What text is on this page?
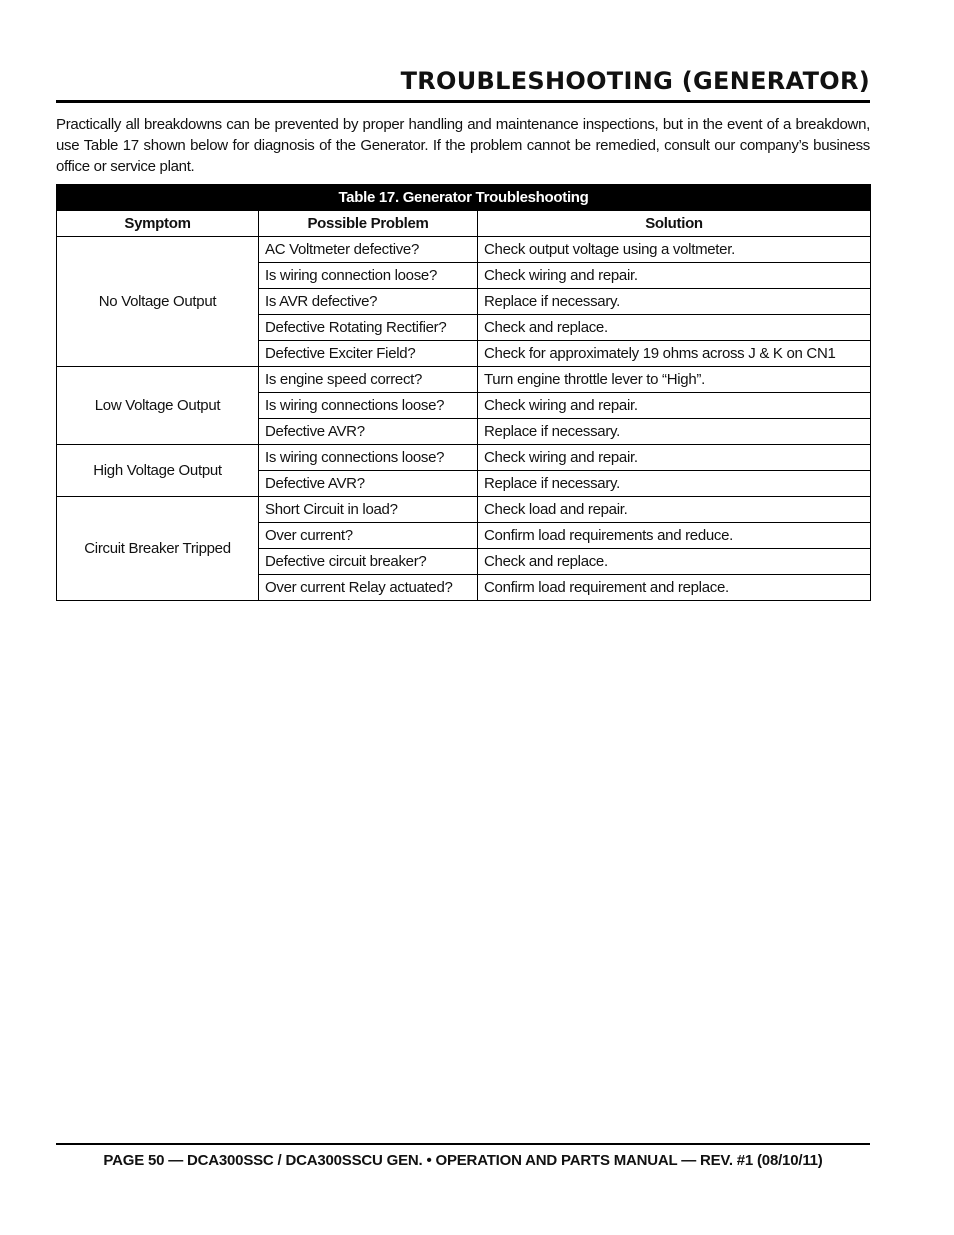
TROUBLESHOOTING (GENERATOR)

Practically all breakdowns can be prevented by proper handling and maintenance inspections, but in the event of a breakdown, use Table 17 shown below for diagnosis of the Generator. If the problem cannot be remedied, consult our company’s business office or service plant.

Table 17. Generator Troubleshooting		
Symptom	Possible Problem	Solution
No Voltage Output	AC Voltmeter defective?	Check output voltage using a voltmeter.
	Is wiring connection loose?	Check wiring and repair.
	Is AVR defective?	Replace if necessary.
	Defective Rotating Rectifier?	Check and replace.
	Defective Exciter Field?	Check for approximately 19 ohms across J & K on CN1
Low Voltage Output	Is engine speed correct?	Turn engine throttle lever to “High”.
	Is wiring connections loose?	Check wiring and repair.
	Defective AVR?	Replace if necessary.
High Voltage Output	Is wiring connections loose?	Check wiring and repair.
	Defective AVR?	Replace if necessary.
Circuit Breaker Tripped	Short Circuit in load?	Check load and repair.
	Over current?	Confirm load requirements and reduce.
	Defective circuit breaker?	Check and replace.
	Over current Relay actuated?	Confirm load requirement and replace.

PAGE 50 — DCA300SSC / DCA300SSCU GEN. • OPERATION AND PARTS MANUAL — REV. #1 (08/10/11)
